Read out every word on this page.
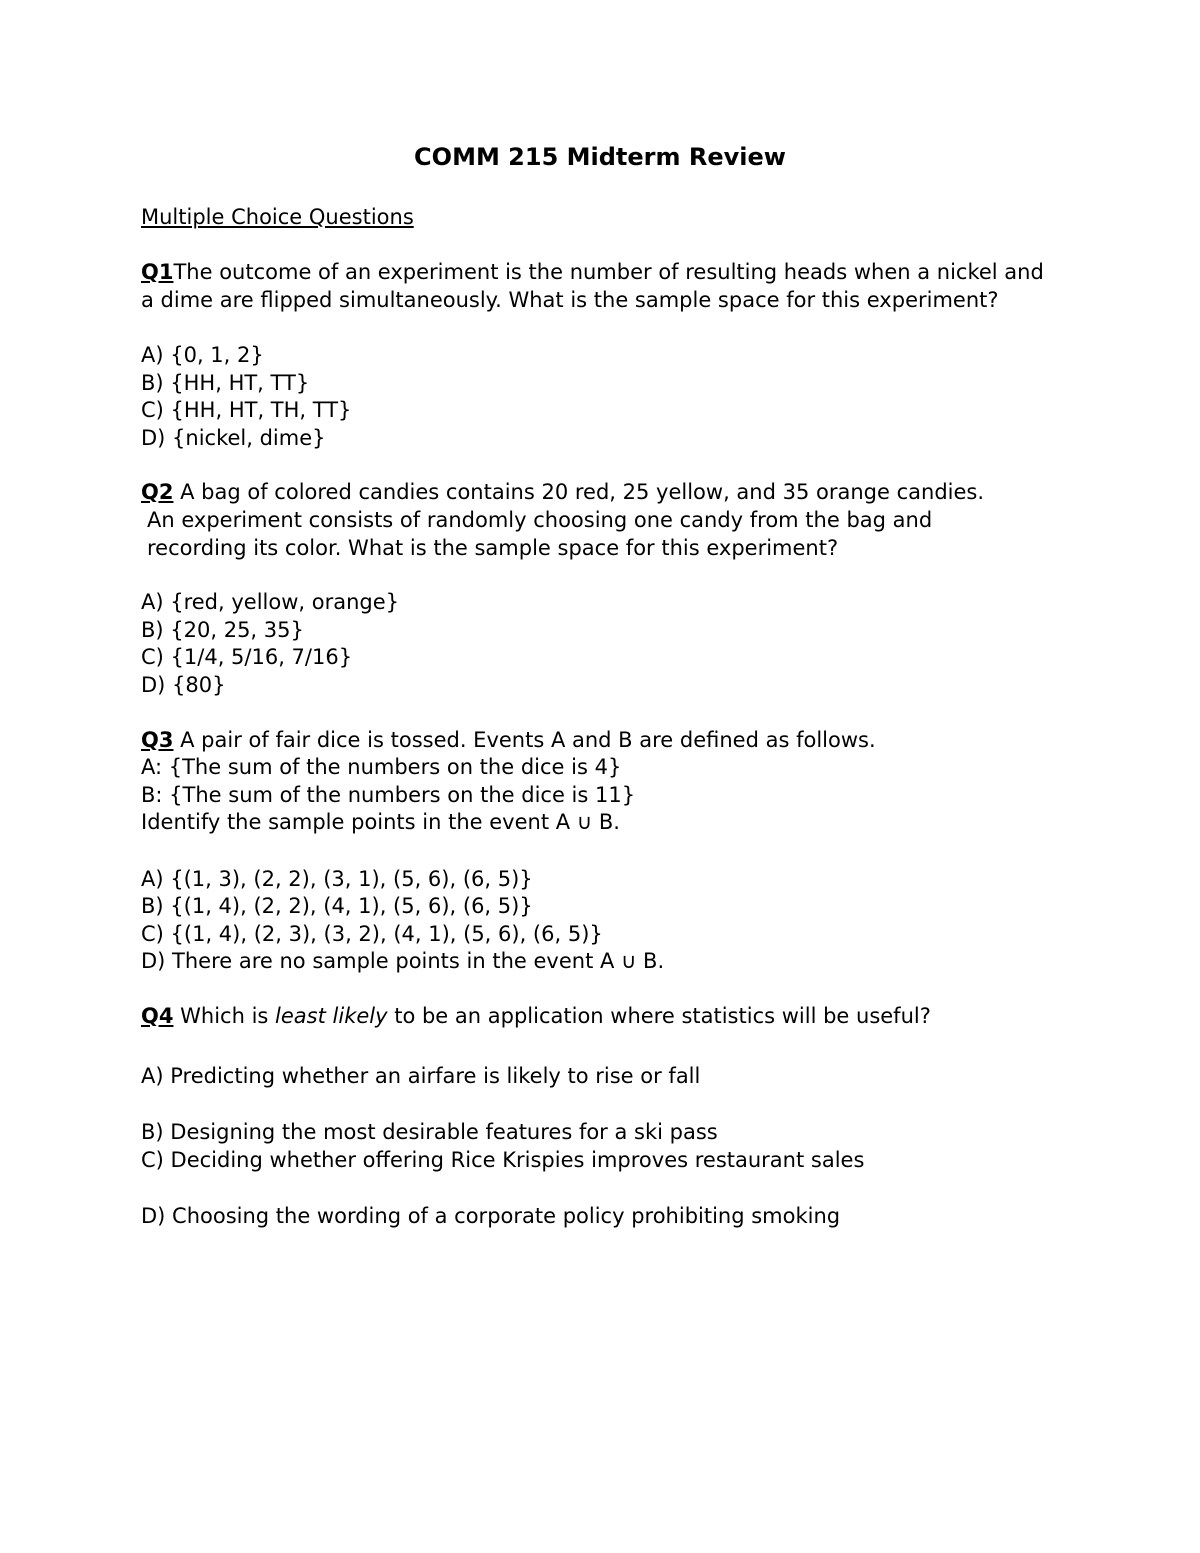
COMM 215 Midterm Review
Multiple Choice Questions
Q1The outcome of an experiment is the number of resulting heads when a nickel and
a dime are flipped simultaneously. What is the sample space for this experiment?
A) {0, 1, 2}
B) {HH, HT, TT}
C) {HH, HT, TH, TT}
D) {nickel, dime}
Q2 A bag of colored candies contains 20 red, 25 yellow, and 35 orange candies.
An experiment consists of randomly choosing one candy from the bag and
recording its color. What is the sample space for this experiment?
A) {red, yellow, orange}
B) {20, 25, 35}
C) {1/4, 5/16, 7/16}
D) {80}
Q3 A pair of fair dice is tossed. Events A and B are defined as follows.
A: {The sum of the numbers on the dice is 4}
B: {The sum of the numbers on the dice is 11}
Identify the sample points in the event A ∪ B.
A) {(1, 3), (2, 2), (3, 1), (5, 6), (6, 5)}
B) {(1, 4), (2, 2), (4, 1), (5, 6), (6, 5)}
C) {(1, 4), (2, 3), (3, 2), (4, 1), (5, 6), (6, 5)}
D) There are no sample points in the event A ∪ B.
Q4 Which is least likely to be an application where statistics will be useful?
A) Predicting whether an airfare is likely to rise or fall
B) Designing the most desirable features for a ski pass
C) Deciding whether offering Rice Krispies improves restaurant sales
D) Choosing the wording of a corporate policy prohibiting smoking
